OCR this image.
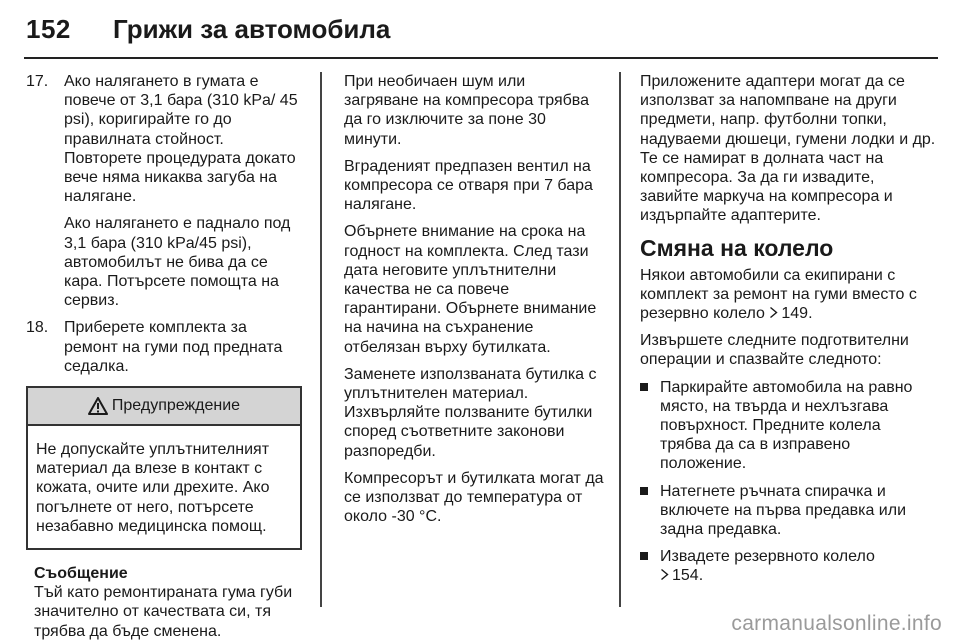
152 Грижи за автомобила
17. Ако налягането в гумата е повече от 3,1 бара (310 kPa/ 45 psi), коригирайте го до правилната стойност. Повторете процедурата докато вече няма никаква загуба на налягане.

Ако налягането е паднало под 3,1 бара (310 kPa/45 psi), автомобилът не бива да се кара. Потърсете помощта на сервиз.

18. Приберете комплекта за ремонт на гуми под предната седалка.

Предупреждение
Не допускайте уплътнителният материал да влезе в контакт с кожата, очите или дрехите. Ако погълнете от него, потърсете незабавно медицинска помощ.
Съобщение
Тъй като ремонтираната гума губи значително от качествата си, тя трябва да бъде сменена.

При необичаен шум или загряване на компресора трябва да го изключите за поне 30 минути.

Вграденият предпазен вентил на компресора се отваря при 7 бара налягане.

Обърнете внимание на срока на годност на комплекта. След тази дата неговите уплътнителни качества не са повече гарантирани. Обърнете внимание на начина на съхранение отбелязан върху бутилката.

Заменете използваната бутилка с уплътнителен материал. Изхвърляйте ползваните бутилки според съответните законови разпоредби.

Компресорът и бутилката могат да се използват до температура от около -30 °C.

Приложените адаптери могат да се използват за напомпване на други предмети, напр. футболни топки, надуваеми дюшеци, гумени лодки и др. Те се намират в долната част на компресора. За да ги извадите, завийте маркуча на компресора и издърпайте адаптерите.

Смяна на колело

Някои автомобили са екипирани с комплект за ремонт на гуми вместо с резервно колело 149.

Извършете следните подготвителни операции и спазвайте следното:

Паркирайте автомобила на равно място, на твърда и нехлъзгава повърхност. Предните колела трябва да са в изправено положение.
Натегнете ръчната спирачка и включете на първа предавка или задна предавка.
Извадете резервното колело
154.
carmanualsonline.info
